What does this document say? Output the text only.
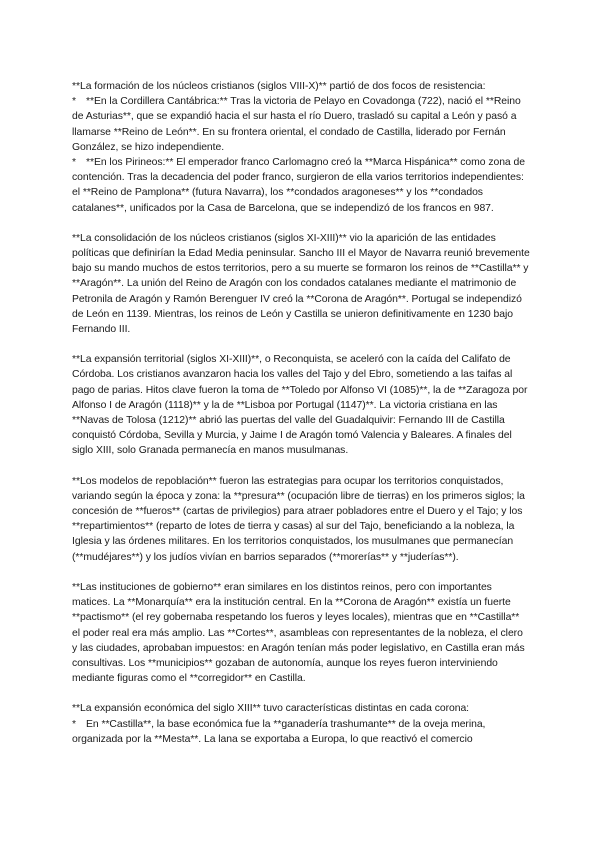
**La formación de los núcleos cristianos (siglos VIII-X)** partió de dos focos de resistencia:

* **En la Cordillera Cantábrica:** Tras la victoria de Pelayo en Covadonga (722), nació el **Reino de Asturias**, que se expandió hacia el sur hasta el río Duero, trasladó su capital a León y pasó a llamarse **Reino de León**. En su frontera oriental, el condado de Castilla, liderado por Fernán González, se hizo independiente.

* **En los Pirineos:** El emperador franco Carlomagno creó la **Marca Hispánica** como zona de contención. Tras la decadencia del poder franco, surgieron de ella varios territorios independientes: el **Reino de Pamplona** (futura Navarra), los **condados aragoneses** y los **condados catalanes**, unificados por la Casa de Barcelona, que se independizó de los francos en 987.

**La consolidación de los núcleos cristianos (siglos XI-XIII)** vio la aparición de las entidades políticas que definirían la Edad Media peninsular. Sancho III el Mayor de Navarra reunió brevemente bajo su mando muchos de estos territorios, pero a su muerte se formaron los reinos de **Castilla** y **Aragón**. La unión del Reino de Aragón con los condados catalanes mediante el matrimonio de Petronila de Aragón y Ramón Berenguer IV creó la **Corona de Aragón**. Portugal se independizó de León en 1139. Mientras, los reinos de León y Castilla se unieron definitivamente en 1230 bajo Fernando III.

**La expansión territorial (siglos XI-XIII)**, o Reconquista, se aceleró con la caída del Califato de Córdoba. Los cristianos avanzaron hacia los valles del Tajo y del Ebro, sometiendo a las taifas al pago de parias. Hitos clave fueron la toma de **Toledo por Alfonso VI (1085)**, la de **Zaragoza por Alfonso I de Aragón (1118)** y la de **Lisboa por Portugal (1147)**. La victoria cristiana en las **Navas de Tolosa (1212)** abrió las puertas del valle del Guadalquivir: Fernando III de Castilla conquistó Córdoba, Sevilla y Murcia, y Jaime I de Aragón tomó Valencia y Baleares. A finales del siglo XIII, solo Granada permanecía en manos musulmanas.

**Los modelos de repoblación** fueron las estrategias para ocupar los territorios conquistados, variando según la época y zona: la **presura** (ocupación libre de tierras) en los primeros siglos; la concesión de **fueros** (cartas de privilegios) para atraer pobladores entre el Duero y el Tajo; y los **repartimientos** (reparto de lotes de tierra y casas) al sur del Tajo, beneficiando a la nobleza, la Iglesia y las órdenes militares. En los territorios conquistados, los musulmanes que permanecían (**mudéjares**) y los judíos vivían en barrios separados (**morerías** y **juderías**).

**Las instituciones de gobierno** eran similares en los distintos reinos, pero con importantes matices. La **Monarquía** era la institución central. En la **Corona de Aragón** existía un fuerte **pactismo** (el rey gobernaba respetando los fueros y leyes locales), mientras que en **Castilla** el poder real era más amplio. Las **Cortes**, asambleas con representantes de la nobleza, el clero y las ciudades, aprobaban impuestos: en Aragón tenían más poder legislativo, en Castilla eran más consultivas. Los **municipios** gozaban de autonomía, aunque los reyes fueron interviniendo mediante figuras como el **corregidor** en Castilla.

**La expansión económica del siglo XIII** tuvo características distintas en cada corona:

* En **Castilla**, la base económica fue la **ganadería trashumante** de la oveja merina, organizada por la **Mesta**. La lana se exportaba a Europa, lo que reactivó el comercio
